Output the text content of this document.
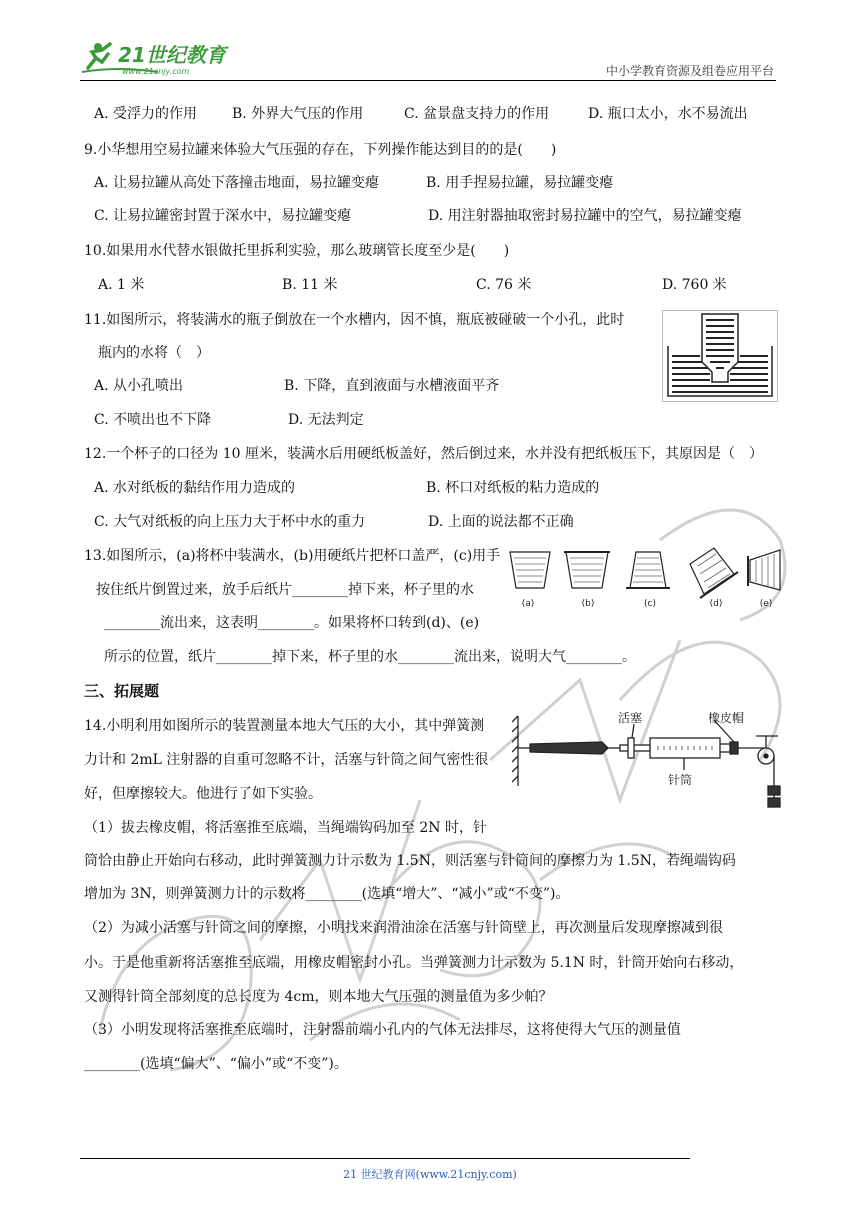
21世纪教育
www.21cnjy.com	中小学教育资源及组卷应用平台
A. 受浮力的作用 B. 外界大气压的作用	C. 盆景盘支持力的作用	D. 瓶口太小，水不易流出
9.小华想用空易拉罐来体验大气压强的存在，下列操作能达到目的的是(　　)
A. 让易拉罐从高处下落撞击地面，易拉罐变瘪	B. 用手捏易拉罐，易拉罐变瘪
C. 让易拉罐密封置于深水中，易拉罐变瘪	D. 用注射器抽取密封易拉罐中的空气，易拉罐变瘪
10.如果用水代替水银做托里拆利实验，那么玻璃管长度至少是(　　)
A. 1 米	B. 11 米	C. 76 米	D. 760 米
11.如图所示，将装满水的瓶子倒放在一个水槽内，因不慎，瓶底被碰破一个小孔，此时
瓶内的水将（　）
A. 从小孔喷出	B. 下降，直到液面与水槽液面平齐
C. 不喷出也不下降	D. 无法判定
12.一个杯子的口径为 10 厘米，装满水后用硬纸板盖好，然后倒过来，水并没有把纸板压下，其原因是（　）
A. 水对纸板的黏结作用力造成的	B. 杯口对纸板的粘力造成的
C. 大气对纸板的向上压力大于杯中水的重力	D. 上面的说法都不正确
13.如图所示，(a)将杯中装满水，(b)用硬纸片把杯口盖严，(c)用手
按住纸片倒置过来，放手后纸片________掉下来，杯子里的水
________流出来，这表明________。如果将杯口转到(d)、(e)
所示的位置，纸片________掉下来，杯子里的水________流出来，说明大气________。
(a)	(b)	(c)	(d)	(e)
三、拓展题
14.小明利用如图所示的装置测量本地大气压的大小，其中弹簧测
力计和 2mL 注射器的自重可忽略不计，活塞与针筒之间气密性很
好，但摩擦较大。他进行了如下实验。
（1）拔去橡皮帽，将活塞推至底端，当绳端钩码加至 2N 时，针
筒恰由静止开始向右移动，此时弹簧测力计示数为 1.5N，则活塞与针筒间的摩擦力为 1.5N，若绳端钩码
增加为 3N，则弹簧测力计的示数将________(选填“增大”、“减小”或“不变”)。
（2）为减小活塞与针筒之间的摩擦，小明找来润滑油涂在活塞与针筒壁上，再次测量后发现摩擦减到很
小。于是他重新将活塞推至底端，用橡皮帽密封小孔。当弹簧测力计示数为 5.1N 时，针筒开始向右移动，
又测得针筒全部刻度的总长度为 4cm，则本地大气压强的测量值为多少帕？
（3）小明发现将活塞推至底端时，注射器前端小孔内的气体无法排尽，这将使得大气压的测量值
________(选填“偏大”、“偏小”或“不变”)。
活塞	橡皮帽
针筒
21 世纪教育网(www.21cnjy.com)
